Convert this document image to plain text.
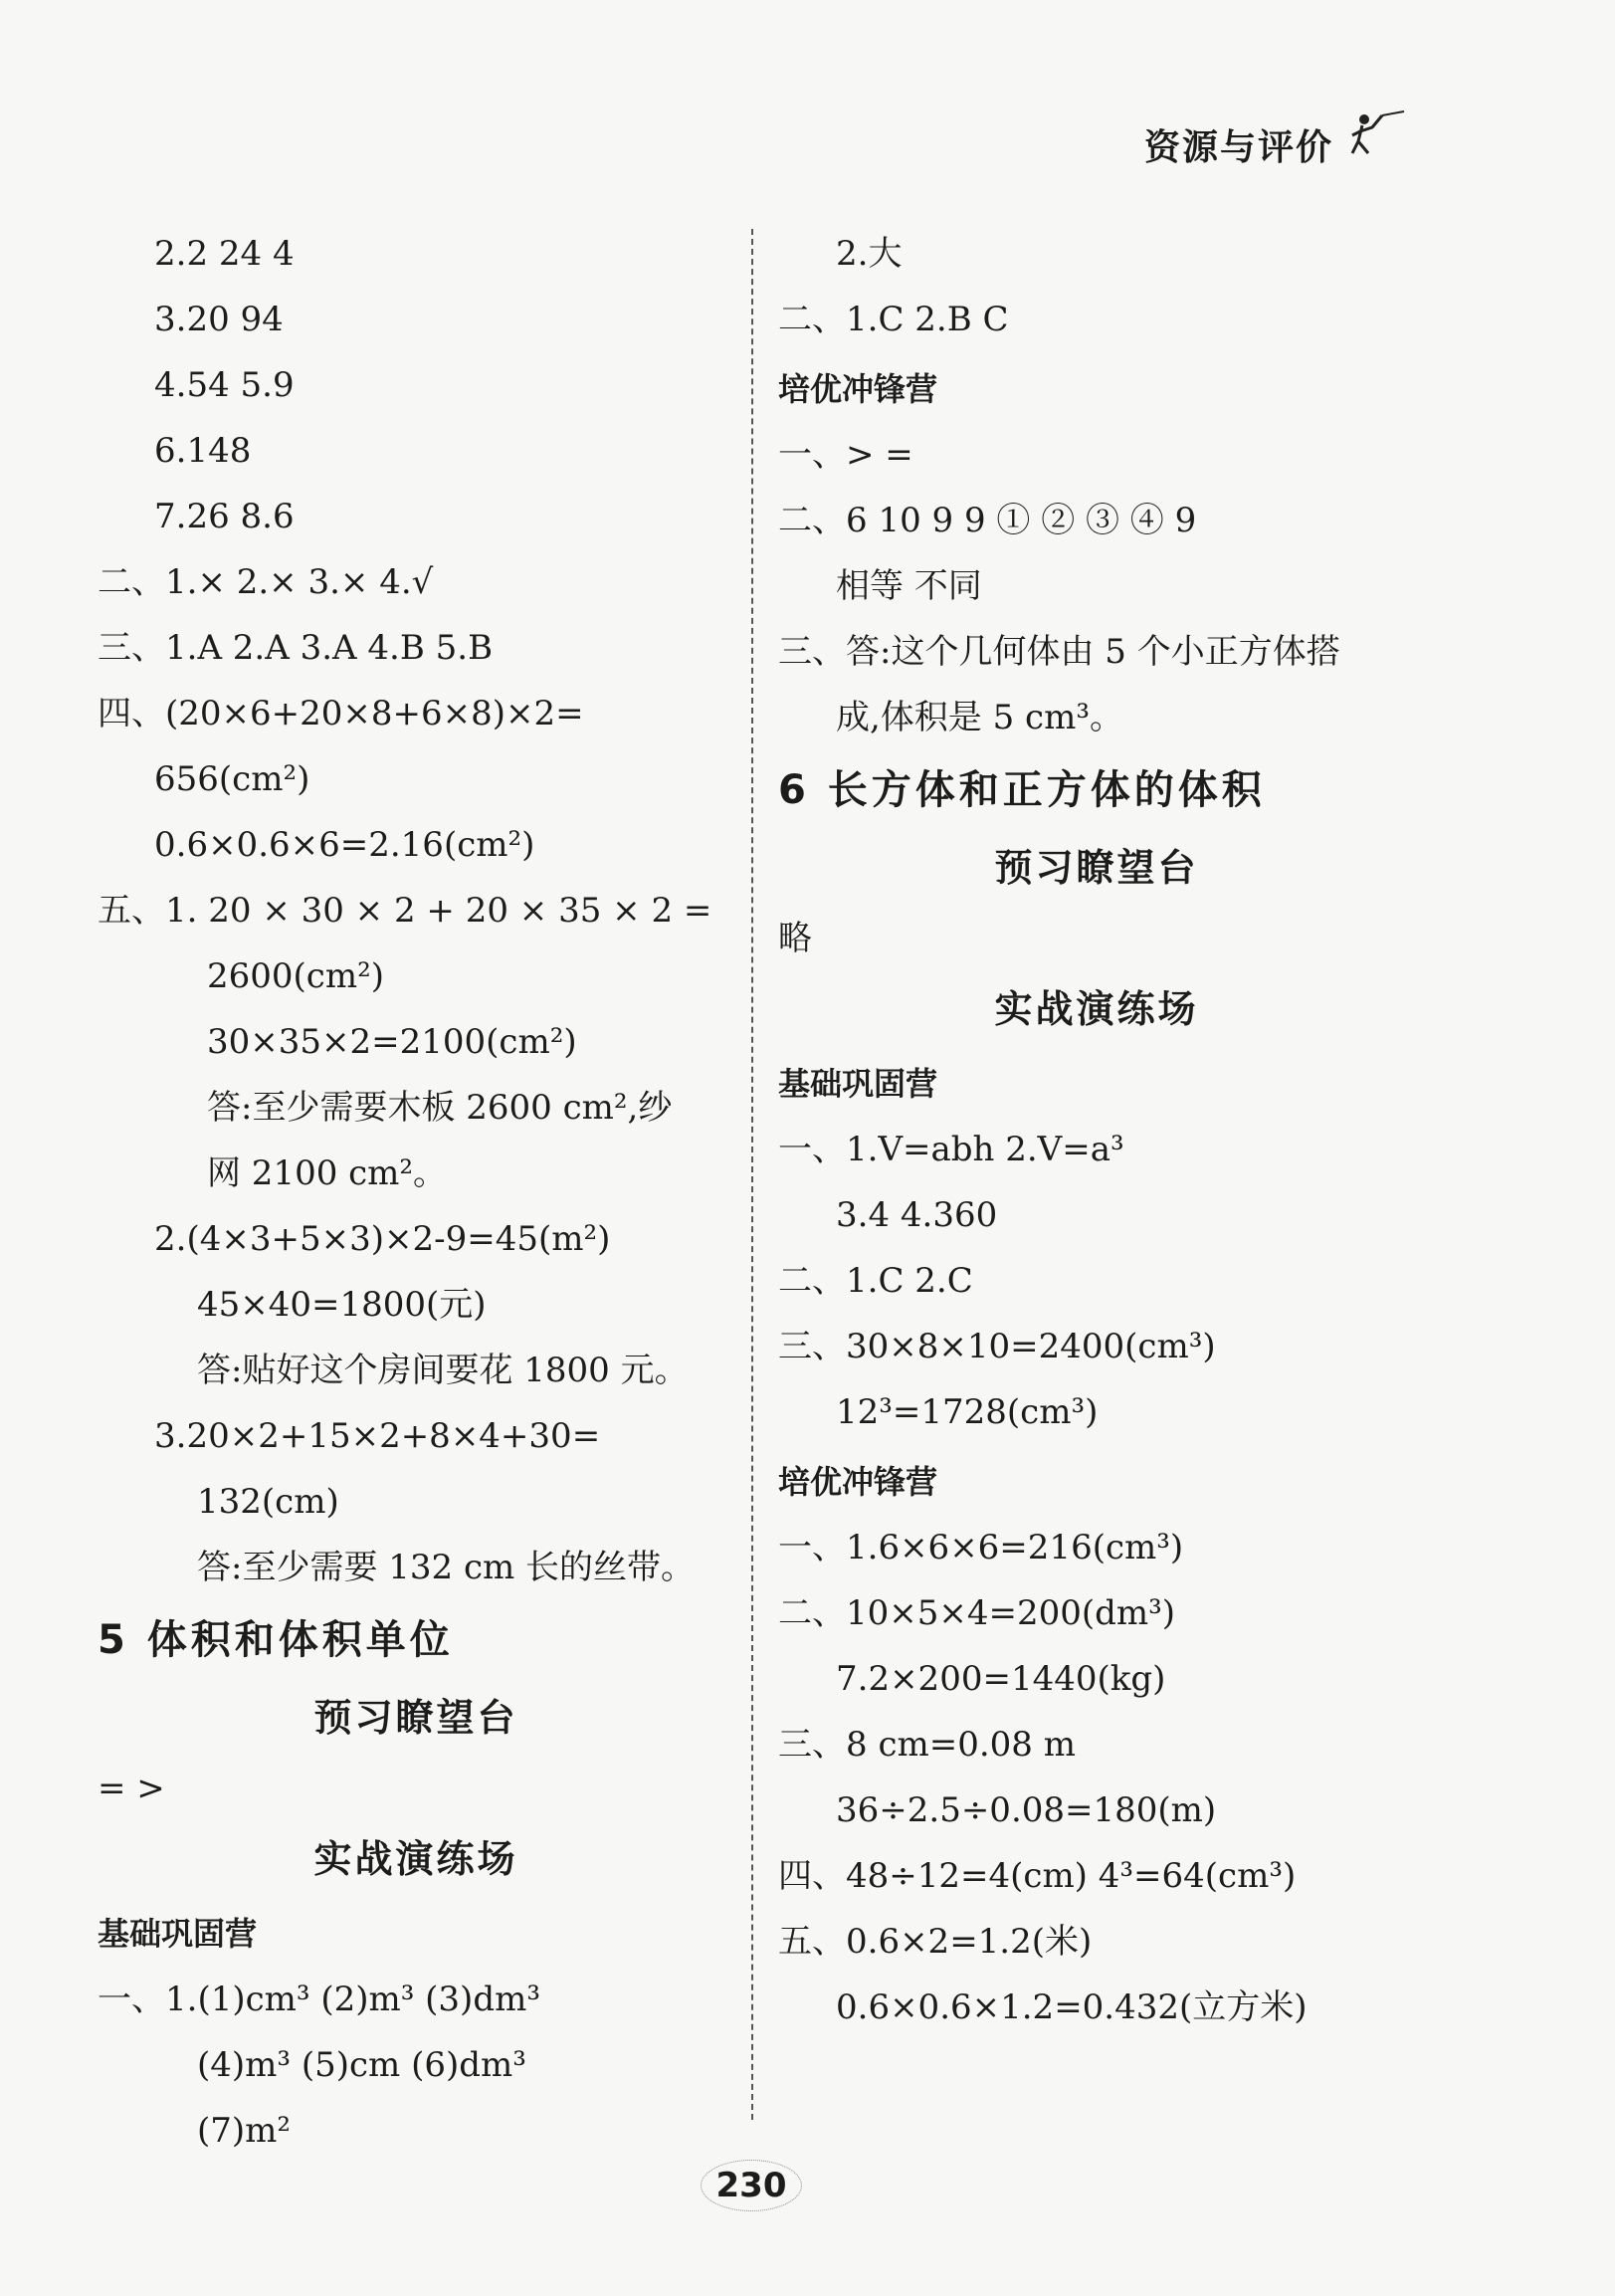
资源与评价
2.2 24 4
3.20 94
4.54 5.9
6.148
7.26 8.6
二、1.× 2.× 3.× 4.√
三、1.A 2.A 3.A 4.B 5.B
四、(20×6+20×8+6×8)×2=
656(cm²)
0.6×0.6×6=2.16(cm²)
五、1. 20 × 30 × 2 + 20 × 35 × 2 =
2600(cm²)
30×35×2=2100(cm²)
答:至少需要木板 2600 cm²,纱
网 2100 cm²。
2.(4×3+5×3)×2-9=45(m²)
45×40=1800(元)
答:贴好这个房间要花 1800 元。
3.20×2+15×2+8×4+30=
132(cm)
答:至少需要 132 cm 长的丝带。
5 体积和体积单位
预习瞭望台
= >
实战演练场
基础巩固营
一、1.(1)cm³ (2)m³ (3)dm³
(4)m³ (5)cm (6)dm³
(7)m²
2.大
二、1.C 2.B C
培优冲锋营
一、> =
二、6 10 9 9 ① ② ③ ④ 9
相等 不同
三、答:这个几何体由 5 个小正方体搭
成,体积是 5 cm³。
6 长方体和正方体的体积
预习瞭望台
略
实战演练场
基础巩固营
一、1.V=abh 2.V=a³
3.4 4.360
二、1.C 2.C
三、30×8×10=2400(cm³)
12³=1728(cm³)
培优冲锋营
一、1.6×6×6=216(cm³)
二、10×5×4=200(dm³)
7.2×200=1440(kg)
三、8 cm=0.08 m
36÷2.5÷0.08=180(m)
四、48÷12=4(cm) 4³=64(cm³)
五、0.6×2=1.2(米)
0.6×0.6×1.2=0.432(立方米)
230
